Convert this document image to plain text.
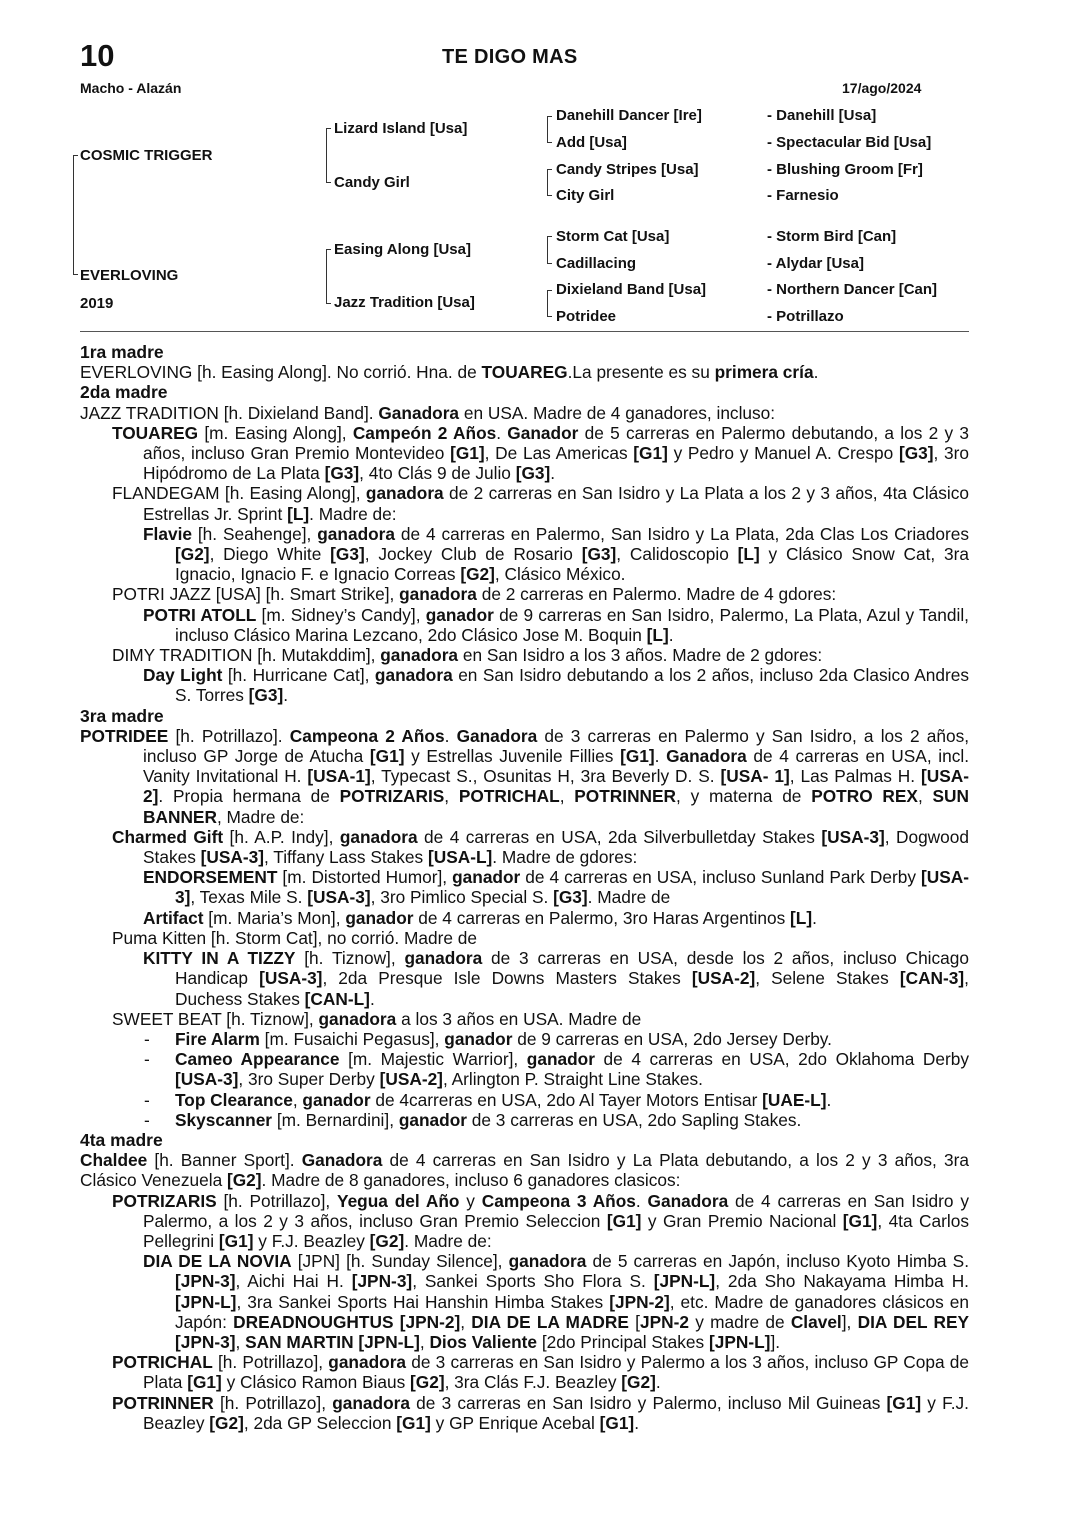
10	TE DIGO MAS
Macho - Alazán	17/ago/2024
COSMIC TRIGGER
EVERLOVING
2019
Lizard Island [Usa]
Candy Girl
Easing Along [Usa]
Jazz Tradition [Usa]
Danehill Dancer [Ire]
Add [Usa]
Candy Stripes [Usa]
City Girl
Storm Cat [Usa]
Cadillacing
Dixieland Band [Usa]
Potridee
- Danehill [Usa]
- Spectacular Bid [Usa]
- Blushing Groom [Fr]
- Farnesio
- Storm Bird [Can]
- Alydar [Usa]
- Northern Dancer [Can]
- Potrillazo

1ra madre

EVERLOVING [h. Easing Along]. No corrió. Hna. de TOUAREG.La presente es su primera cría.

2da madre

JAZZ TRADITION [h. Dixieland Band]. Ganadora en USA. Madre de 4 ganadores, incluso:

TOUAREG [m. Easing Along], Campeón 2 Años. Ganador de 5 carreras en Palermo debutando, a los 2 y 3 años, incluso Gran Premio Montevideo [G1], De Las Americas [G1] y Pedro y Manuel A. Crespo [G3], 3ro Hipódromo de La Plata [G3], 4to Clás 9 de Julio [G3].

FLANDEGAM [h. Easing Along], ganadora de 2 carreras en San Isidro y La Plata a los 2 y 3 años, 4ta Clásico Estrellas Jr. Sprint [L]. Madre de:

Flavie [h. Seahenge], ganadora de 4 carreras en Palermo, San Isidro y La Plata, 2da Clas Los Criadores [G2], Diego White [G3], Jockey Club de Rosario [G3], Calidoscopio [L] y Clásico Snow Cat, 3ra Ignacio, Ignacio F. e Ignacio Correas [G2], Clásico México.

POTRI JAZZ [USA] [h. Smart Strike], ganadora de 2 carreras en Palermo. Madre de 4 gdores:

POTRI ATOLL [m. Sidney’s Candy], ganador de 9 carreras en San Isidro, Palermo, La Plata, Azul y Tandil, incluso Clásico Marina Lezcano, 2do Clásico Jose M. Boquin [L].

DIMY TRADITION [h. Mutakddim], ganadora en San Isidro a los 3 años. Madre de 2 gdores:

Day Light [h. Hurricane Cat], ganadora en San Isidro debutando a los 2 años, incluso 2da Clasico Andres S. Torres [G3].

3ra madre

POTRIDEE [h. Potrillazo]. Campeona 2 Años. Ganadora de 3 carreras en Palermo y San Isidro, a los 2 años, incluso GP Jorge de Atucha [G1] y Estrellas Juvenile Fillies [G1]. Ganadora de 4 carreras en USA, incl. Vanity Invitational H. [USA-1], Typecast S., Osunitas H, 3ra Beverly D. S. [USA- 1], Las Palmas H. [USA-2]. Propia hermana de POTRIZARIS, POTRICHAL, POTRINNER, y materna de POTRO REX, SUN BANNER, Madre de:

Charmed Gift [h. A.P. Indy], ganadora de 4 carreras en USA, 2da Silverbulletday Stakes [USA-3], Dogwood Stakes [USA-3], Tiffany Lass Stakes [USA-L]. Madre de gdores:

ENDORSEMENT [m. Distorted Humor], ganador de 4 carreras en USA, incluso Sunland Park Derby [USA-3], Texas Mile S. [USA-3], 3ro Pimlico Special S. [G3]. Madre de

Artifact [m. Maria’s Mon], ganador de 4 carreras en Palermo, 3ro Haras Argentinos [L].

Puma Kitten [h. Storm Cat], no corrió. Madre de

KITTY IN A TIZZY [h. Tiznow], ganadora de 3 carreras en USA, desde los 2 años, incluso Chicago Handicap [USA-3], 2da Presque Isle Downs Masters Stakes [USA-2], Selene Stakes [CAN-3], Duchess Stakes [CAN-L].

SWEET BEAT [h. Tiznow], ganadora a los 3 años en USA. Madre de

- Fire Alarm [m. Fusaichi Pegasus], ganador de 9 carreras en USA, 2do Jersey Derby.

- Cameo Appearance [m. Majestic Warrior], ganador de 4 carreras en USA, 2do Oklahoma Derby [USA-3], 3ro Super Derby [USA-2], Arlington P. Straight Line Stakes.

- Top Clearance, ganador de 4carreras en USA, 2do Al Tayer Motors Entisar [UAE-L].

- Skyscanner [m. Bernardini], ganador de 3 carreras en USA, 2do Sapling Stakes.

4ta madre

Chaldee [h. Banner Sport]. Ganadora de 4 carreras en San Isidro y La Plata debutando, a los 2 y 3 años, 3ra Clásico Venezuela [G2]. Madre de 8 ganadores, incluso 6 ganadores clasicos:

POTRIZARIS [h. Potrillazo], Yegua del Año y Campeona 3 Años. Ganadora de 4 carreras en San Isidro y Palermo, a los 2 y 3 años, incluso Gran Premio Seleccion [G1] y Gran Premio Nacional [G1], 4ta Carlos Pellegrini [G1] y F.J. Beazley [G2]. Madre de:

DIA DE LA NOVIA [JPN] [h. Sunday Silence], ganadora de 5 carreras en Japón, incluso Kyoto Himba S. [JPN-3], Aichi Hai H. [JPN-3], Sankei Sports Sho Flora S. [JPN-L], 2da Sho Nakayama Himba H. [JPN-L], 3ra Sankei Sports Hai Hanshin Himba Stakes [JPN-2], etc. Madre de ganadores clásicos en Japón: DREADNOUGHTUS [JPN-2], DIA DE LA MADRE [JPN-2 y madre de Clavel], DIA DEL REY [JPN-3], SAN MARTIN [JPN-L], Dios Valiente [2do Principal Stakes [JPN-L]].

POTRICHAL [h. Potrillazo], ganadora de 3 carreras en San Isidro y Palermo a los 3 años, incluso GP Copa de Plata [G1] y Clásico Ramon Biaus [G2], 3ra Clás F.J. Beazley [G2].

POTRINNER [h. Potrillazo], ganadora de 3 carreras en San Isidro y Palermo, incluso Mil Guineas [G1] y F.J. Beazley [G2], 2da GP Seleccion [G1] y GP Enrique Acebal [G1].
